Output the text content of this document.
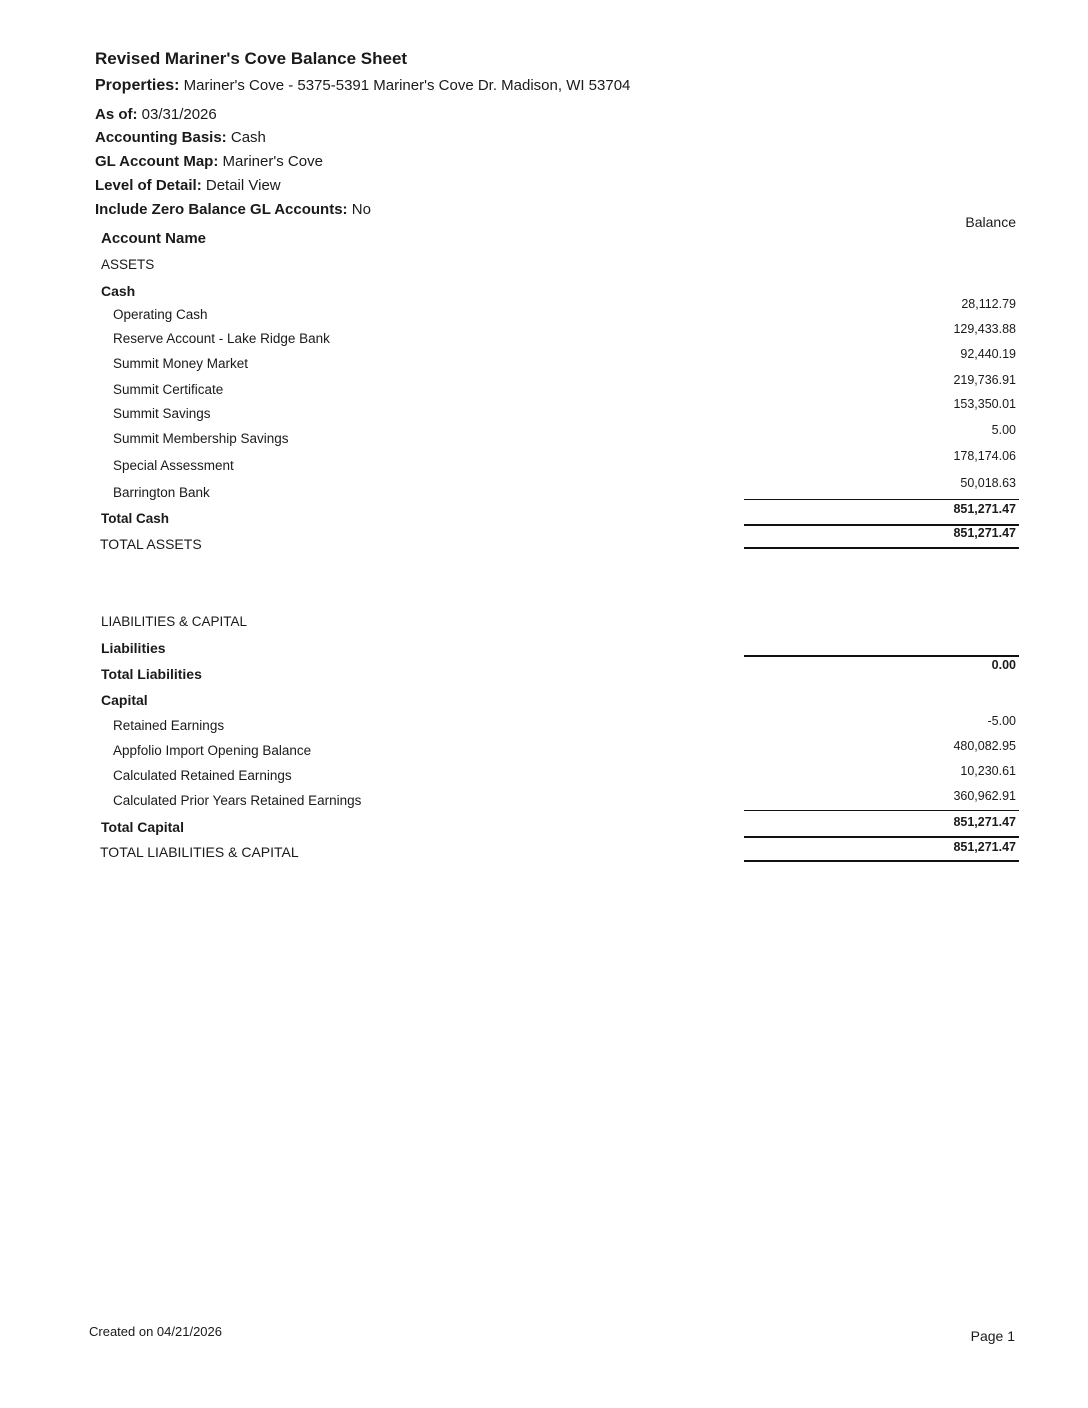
Revised Mariner's Cove Balance Sheet
Properties: Mariner's Cove - 5375-5391 Mariner's Cove Dr. Madison, WI 53704
As of: 03/31/2026
Accounting Basis: Cash
GL Account Map: Mariner's Cove
Level of Detail: Detail View
Include Zero Balance GL Accounts: No
Account Name
Balance
ASSETS
Cash
Operating Cash
28,112.79
Reserve Account - Lake Ridge Bank
129,433.88
Summit Money Market
92,440.19
Summit Certificate
219,736.91
Summit Savings
153,350.01
Summit Membership Savings
5.00
Special Assessment
178,174.06
Barrington Bank
50,018.63
Total Cash
851,271.47
TOTAL ASSETS
851,271.47
LIABILITIES & CAPITAL
Liabilities
Total Liabilities
0.00
Capital
Retained Earnings	-5.00
Appfolio Import Opening Balance	480,082.95
Calculated Retained Earnings	10,230.61
Calculated Prior Years Retained Earnings	360,962.91
Total Capital	851,271.47
TOTAL LIABILITIES & CAPITAL	851,271.47
Created on 04/21/2026	Page 1
